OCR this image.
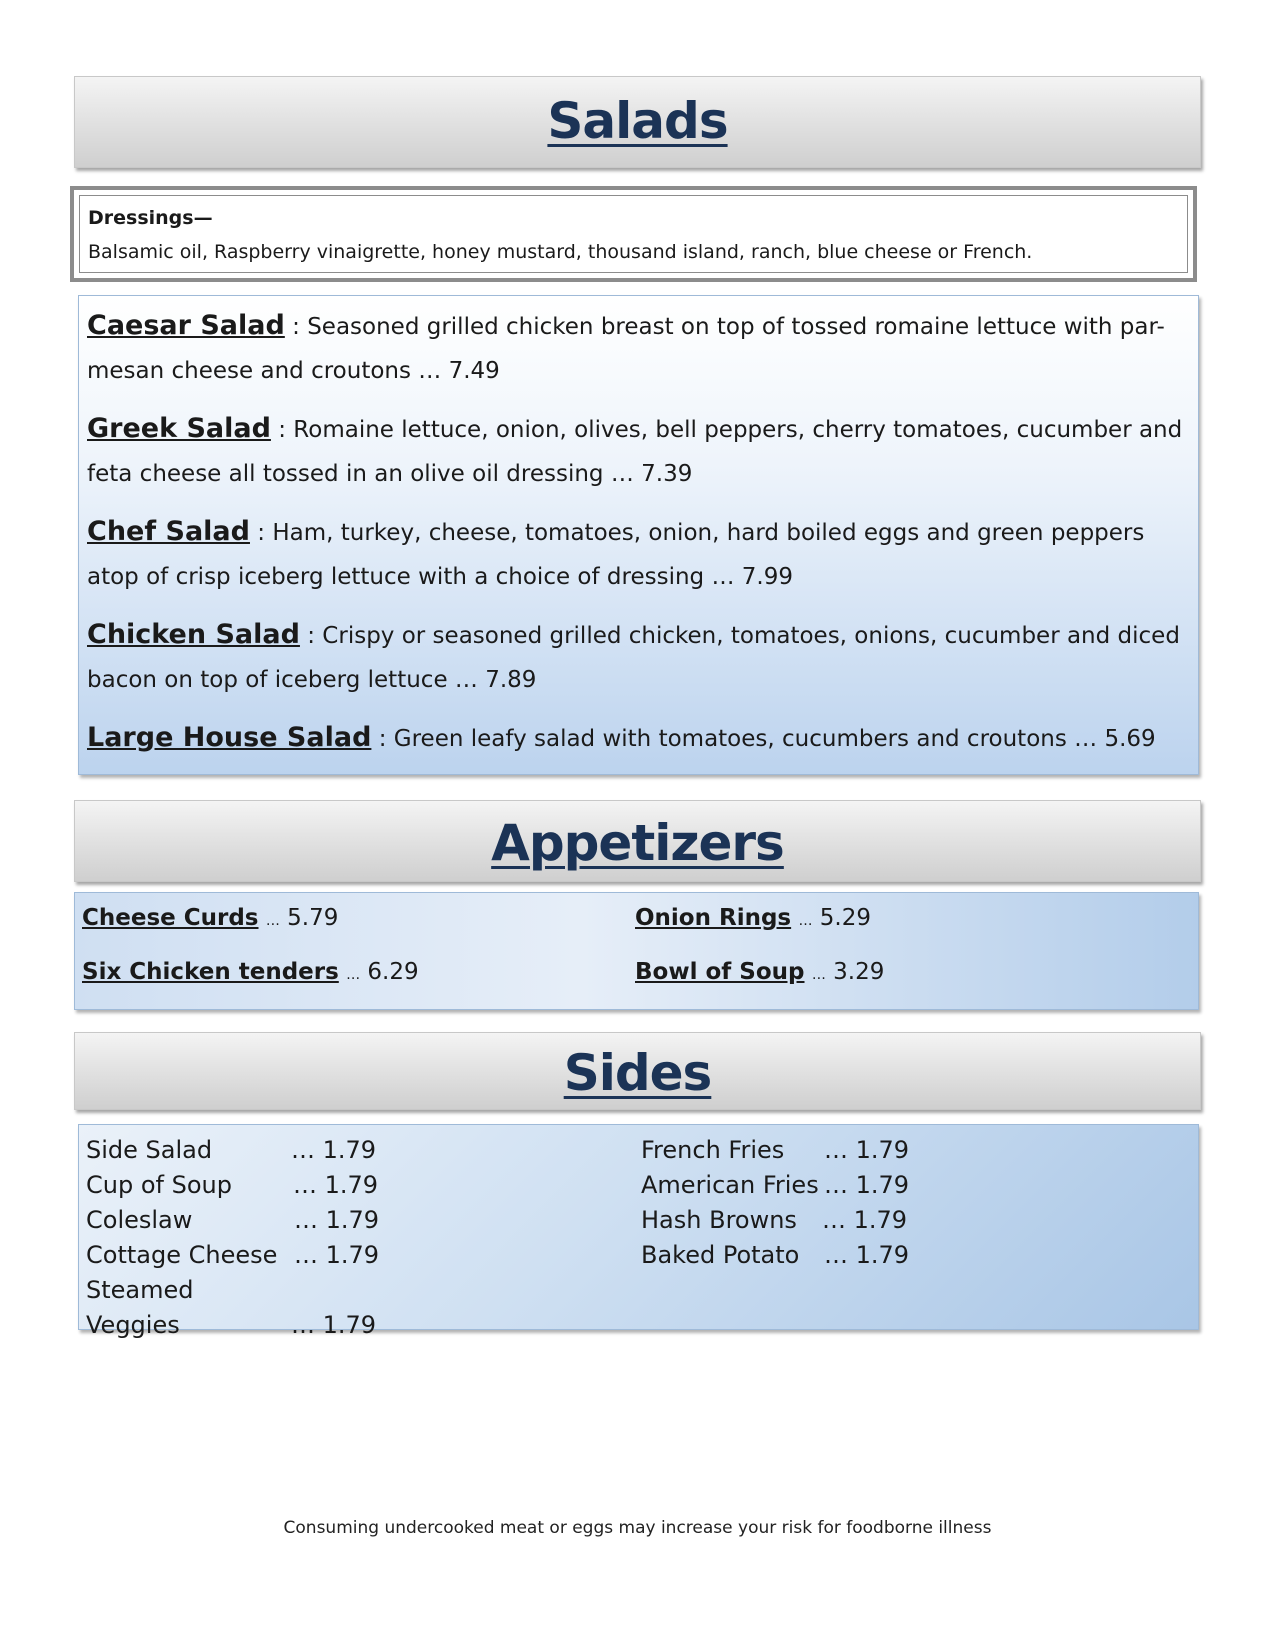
Salads
Dressings—
Balsamic oil, Raspberry vinaigrette, honey mustard, thousand island, ranch, blue cheese or French.
Caesar Salad : Seasoned grilled chicken breast on top of tossed romaine lettuce with par-mesan cheese and croutons … 7.49
Greek Salad : Romaine lettuce, onion, olives, bell peppers, cherry tomatoes, cucumber and feta cheese all tossed in an olive oil dressing … 7.39
Chef Salad : Ham, turkey, cheese, tomatoes, onion, hard boiled eggs and green peppers atop of crisp iceberg lettuce with a choice of dressing … 7.99
Chicken Salad : Crispy or seasoned grilled chicken, tomatoes, onions, cucumber and diced bacon on top of iceberg lettuce … 7.89
Large House Salad : Green leafy salad with tomatoes, cucumbers and croutons … 5.69
Appetizers
Cheese Curds … 5.79	Onion Rings … 5.29
Six Chicken tenders … 6.29	Bowl of Soup … 3.29
Sides
Side Salad	… 1.79
Cup of Soup	… 1.79
Coleslaw	… 1.79
Cottage Cheese … 1.79
Steamed Veggies	… 1.79
French Fries … 1.79
American Fries … 1.79
Hash Browns … 1.79
Baked Potato … 1.79
Consuming undercooked meat or eggs may increase your risk for foodborne illness
